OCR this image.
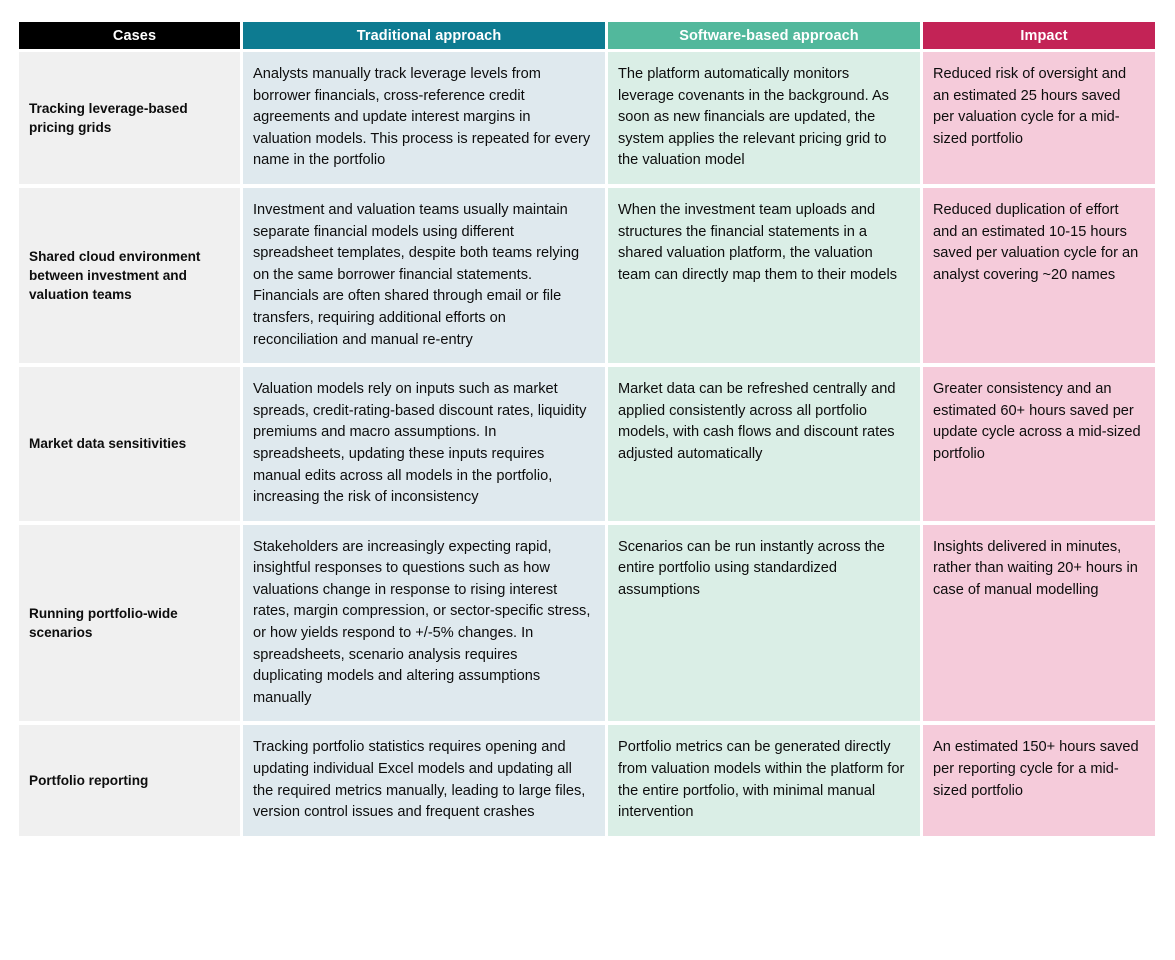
Cases		Traditional approach		Software-based approach		Impact

Tracking leverage-based pricing grids		Analysts manually track leverage levels from borrower financials, cross-reference credit agreements and update interest margins in valuation models. This process is repeated for every name in the portfolio		The platform automatically monitors leverage covenants in the background. As soon as new financials are updated, the system applies the relevant pricing grid to the valuation model		Reduced risk of oversight and an estimated 25 hours saved per valuation cycle for a mid-sized portfolio

Shared cloud environment between investment and valuation teams		Investment and valuation teams usually maintain separate financial models using different spreadsheet templates, despite both teams relying on the same borrower financial statements. Financials are often shared through email or file transfers, requiring additional efforts on reconciliation and manual re-entry		When the investment team uploads and structures the financial statements in a shared valuation platform, the valuation team can directly map them to their models		Reduced duplication of effort and an estimated 10-15 hours saved per valuation cycle for an analyst covering ~20 names

Market data sensitivities		Valuation models rely on inputs such as market spreads, credit-rating-based discount rates, liquidity premiums and macro assumptions. In spreadsheets, updating these inputs requires manual edits across all models in the portfolio, increasing the risk of inconsistency		Market data can be refreshed centrally and applied consistently across all portfolio models, with cash flows and discount rates adjusted automatically		Greater consistency and an estimated 60+ hours saved per update cycle across a mid-sized portfolio

Running portfolio-wide scenarios		Stakeholders are increasingly expecting rapid, insightful responses to questions such as how valuations change in response to rising interest rates, margin compression, or sector-specific stress, or how yields respond to +/-5% changes. In spreadsheets, scenario analysis requires duplicating models and altering assumptions manually		Scenarios can be run instantly across the entire portfolio using standardized assumptions		Insights delivered in minutes, rather than waiting 20+ hours in case of manual modelling

Portfolio reporting		Tracking portfolio statistics requires opening and updating individual Excel models and updating all the required metrics manually, leading to large files, version control issues and frequent crashes		Portfolio metrics can be generated directly from valuation models within the platform for the entire portfolio, with minimal manual intervention		An estimated 150+ hours saved per reporting cycle for a mid-sized portfolio
